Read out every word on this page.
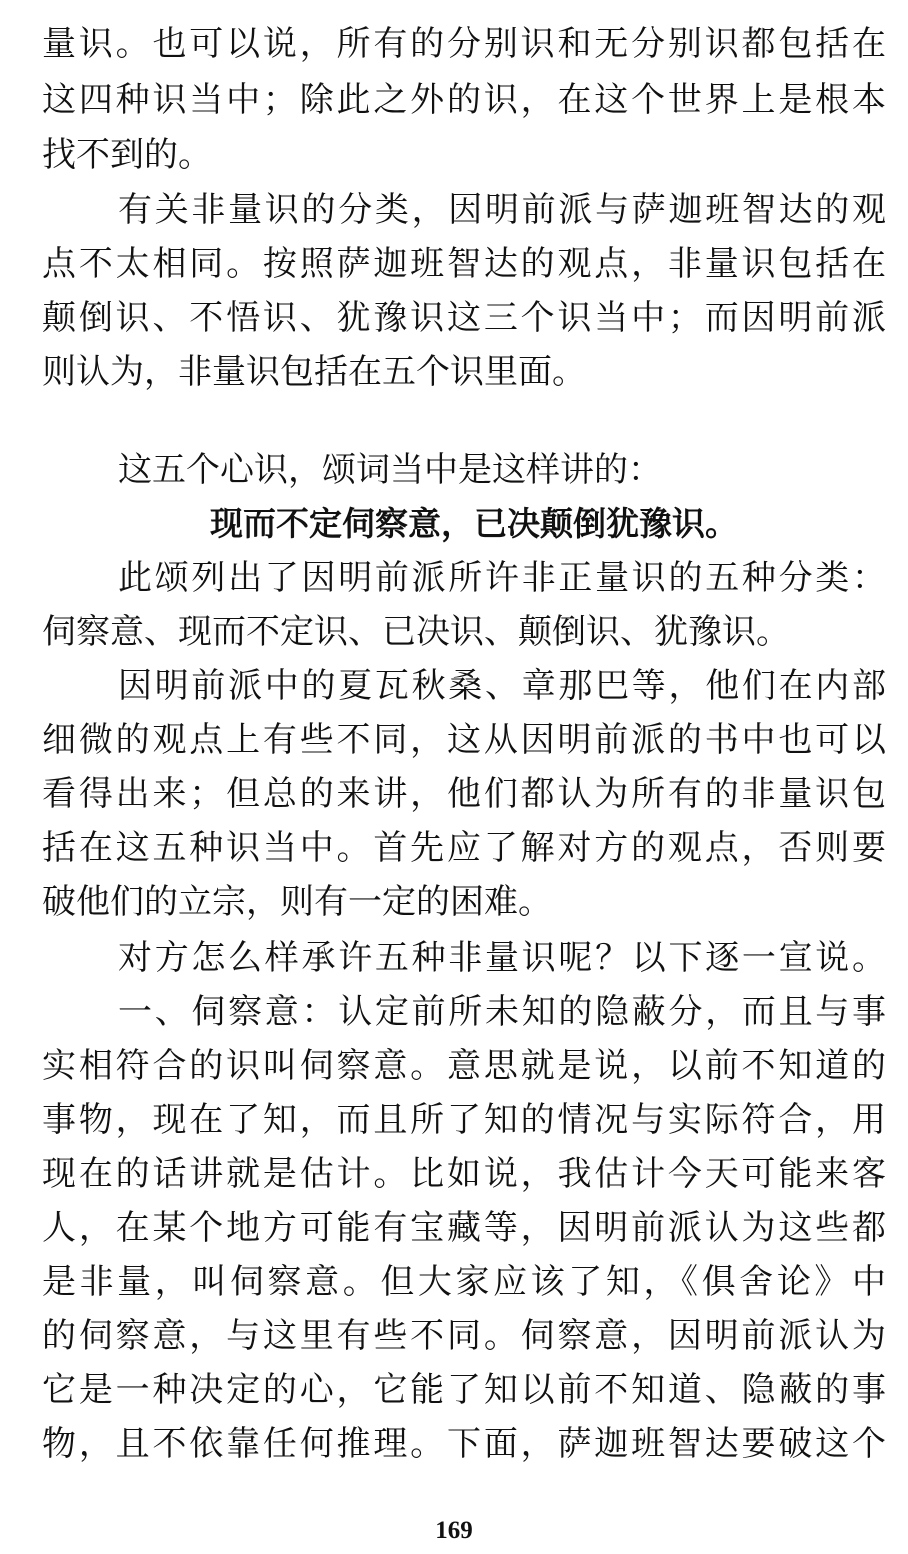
量识。也可以说，所有的分别识和无分别识都包括在
这四种识当中；除此之外的识，在这个世界上是根本
找不到的。
有关非量识的分类，因明前派与萨迦班智达的观
点不太相同。按照萨迦班智达的观点，非量识包括在
颠倒识、不悟识、犹豫识这三个识当中；而因明前派
则认为，非量识包括在五个识里面。
这五个心识，颂词当中是这样讲的：
现而不定伺察意，已决颠倒犹豫识。
此颂列出了因明前派所许非正量识的五种分类：
伺察意、现而不定识、已决识、颠倒识、犹豫识。
因明前派中的夏瓦秋桑、章那巴等，他们在内部
细微的观点上有些不同，这从因明前派的书中也可以
看得出来；但总的来讲，他们都认为所有的非量识包
括在这五种识当中。首先应了解对方的观点，否则要
破他们的立宗，则有一定的困难。
对方怎么样承许五种非量识呢？以下逐一宣说。
一、伺察意：认定前所未知的隐蔽分，而且与事
实相符合的识叫伺察意。意思就是说，以前不知道的
事物，现在了知，而且所了知的情况与实际符合，用
现在的话讲就是估计。比如说，我估计今天可能来客
人，在某个地方可能有宝藏等，因明前派认为这些都
是非量，叫伺察意。但大家应该了知，《俱舍论》中
的伺察意，与这里有些不同。伺察意，因明前派认为
它是一种决定的心，它能了知以前不知道、隐蔽的事
物，且不依靠任何推理。下面，萨迦班智达要破这个
169
